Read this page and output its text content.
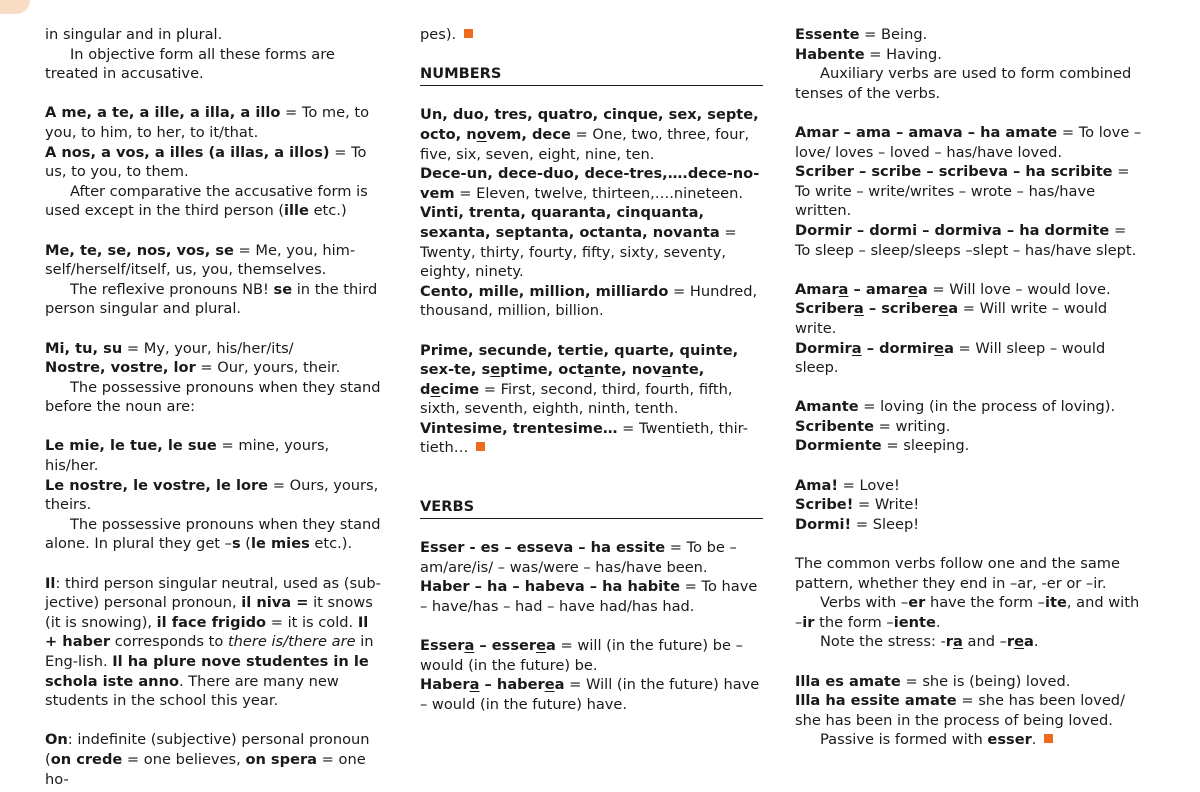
in singular and in plural.

In objective form all these forms are treated in accusative.

A me, a te, a ille, a illa, a illo = To me, to you, to him, to her, to it/that.

A nos, a vos, a illes (a illas, a illos) = To us, to you, to them.

After comparative the accusative form is used except in the third person (ille etc.)

Me, te, se, nos, vos, se = Me, you, him-self/herself/itself, us, you, themselves.

The reflexive pronouns NB! se in the third person singular and plural.

Mi, tu, su = My, your, his/her/its/

Nostre, vostre, lor = Our, yours, their.

The possessive pronouns when they stand before the noun are:

Le mie, le tue, le sue = mine, yours, his/her.

Le nostre, le vostre, le lore = Ours, yours, theirs.

The possessive pronouns when they stand alone. In plural they get –s (le mies etc.).

Il: third person singular neutral, used as (sub-jective) personal pronoun, il niva = it snows (it is snowing), il face frigido = it is cold. Il + haber corresponds to there is/there are in Eng-lish. Il ha plure nove studentes in le schola iste anno. There are many new students in the school this year.

On: indefinite (subjective) personal pronoun (on crede = one believes, on spera = one ho-

pes).

NUMBERS

Un, duo, tres, quatro, cinque, sex, septe, octo, novem, dece = One, two, three, four, five, six, seven, eight, nine, ten.

Dece-un, dece-duo, dece-tres,….dece-no-vem = Eleven, twelve, thirteen,….nineteen.

Vinti, trenta, quaranta, cinquanta, sexanta, septanta, octanta, novanta = Twenty, thirty, fourty, fifty, sixty, seventy, eighty, ninety.

Cento, mille, million, milliardo = Hundred, thousand, million, billion.

Prime, secunde, tertie, quarte, quinte, sex-te, septime, octante, novante, decime = First, second, third, fourth, fifth, sixth, seventh, eighth, ninth, tenth.

Vintesime, trentesime… = Twentieth, thir-tieth…

VERBS

Esser - es – esseva – ha essite = To be – am/are/is/ – was/were – has/have been.

Haber – ha – habeva – ha habite = To have – have/has – had – have had/has had.

Essera – esserea = will (in the future) be – would (in the future) be.

Habera – haberea = Will (in the future) have – would (in the future) have.

Essente = Being.

Habente = Having.

Auxiliary verbs are used to form combined tenses of the verbs.

Amar – ama – amava – ha amate = To love – love/ loves – loved – has/have loved.

Scriber – scribe – scribeva – ha scribite = To write – write/writes – wrote – has/have written.

Dormir – dormi – dormiva – ha dormite = To sleep – sleep/sleeps –slept – has/have slept.

Amara – amarea = Will love – would love.

Scribera – scriberea = Will write – would write.

Dormira – dormirea = Will sleep – would sleep.

Amante = loving (in the process of loving).

Scribente = writing.

Dormiente = sleeping.

Ama! = Love!

Scribe! = Write!

Dormi! = Sleep!

The common verbs follow one and the same pattern, whether they end in –ar, -er or –ir.

Verbs with –er have the form –ite, and with –ir the form –iente.

Note the stress: -ra and –rea.

Illa es amate = she is (being) loved.

Illa ha essite amate = she has been loved/ she has been in the process of being loved.

Passive is formed with esser.
